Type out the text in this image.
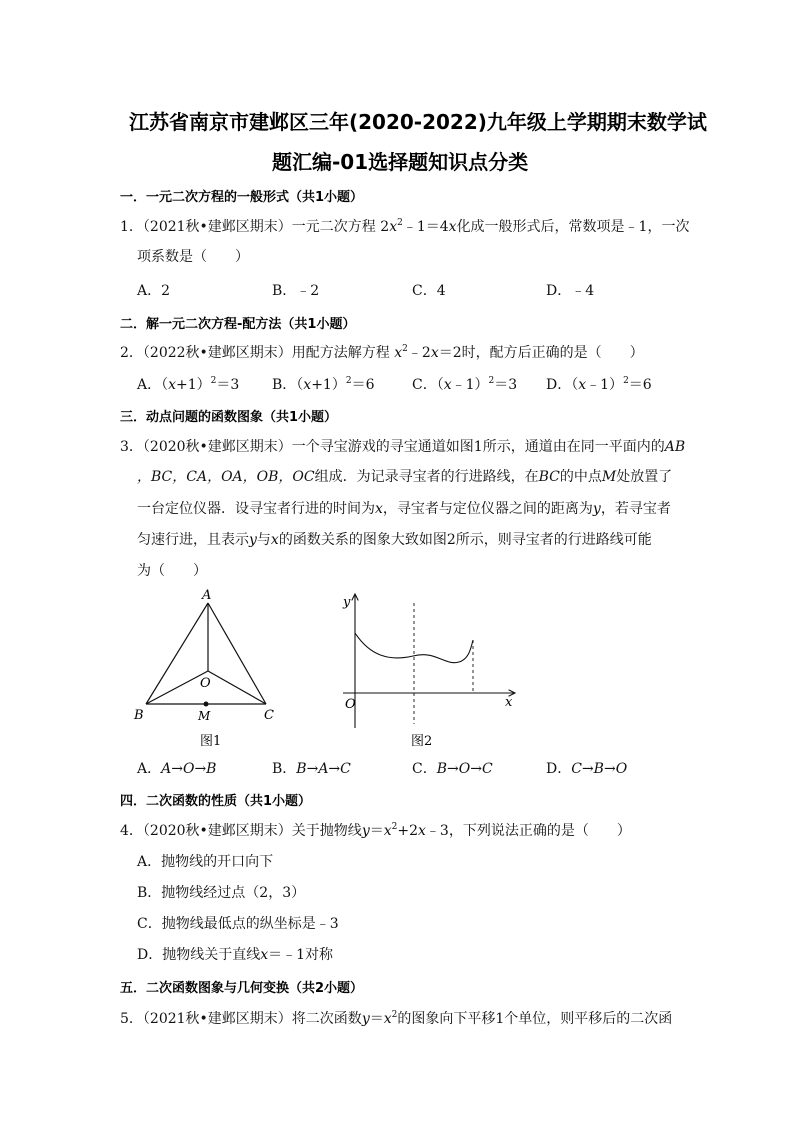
江苏省南京市建邺区三年(2020-2022)九年级上学期期末数学试
题汇编-01选择题知识点分类
一．一元二次方程的一般形式（共1小题）
1．（2021秋•建邺区期末）一元二次方程 $2x^2﹣1=4x$化成一般形式后，常数项是﹣1，一次
项系数是（　　）
A．2	B．﹣2	C．4	D．﹣4
二．解一元二次方程-配方法（共1小题）
2．（2022秋•建邺区期末）用配方法解方程 $x^2﹣2x=2$时，配方后正确的是（　　）
A．$(x+1)^2=3$ B．$(x+1)^2=6$	C．（x﹣1）$^2$＝3 D．（x﹣1）$^2$＝6
三．动点问题的函数图象（共1小题）
3．（2020秋•建邺区期末）一个寻宝游戏的寻宝通道如图1所示，通道由在同一平面内的AB
，BC，CA，OA，OB，OC组成．为记录寻宝者的行进路线，在BC的中点M处放置了
一台定位仪器．设寻宝者行进的时间为x，寻宝者与定位仪器之间的距离为y，若寻宝者
匀速行进，且表示y与x的函数关系的图象大致如图2所示，则寻宝者的行进路线可能
为（　　）
A
B	C
O
M
图1
y
x
O
图2
A．A→O→B	B．B→A→C	C．B→O→C	D．C→B→O
四．二次函数的性质（共1小题）
4．（2020秋•建邺区期末）关于抛物线$y=x^2+2x﹣3$，下列说法正确的是（　　）
A．抛物线的开口向下
B．抛物线经过点（2，3）
C．抛物线最低点的纵坐标是﹣3
D．抛物线关于直线x＝﹣1对称
五．二次函数图象与几何变换（共2小题）
5．（2021秋•建邺区期末）将二次函数$y=x^2$的图象向下平移1个单位，则平移后的二次函
